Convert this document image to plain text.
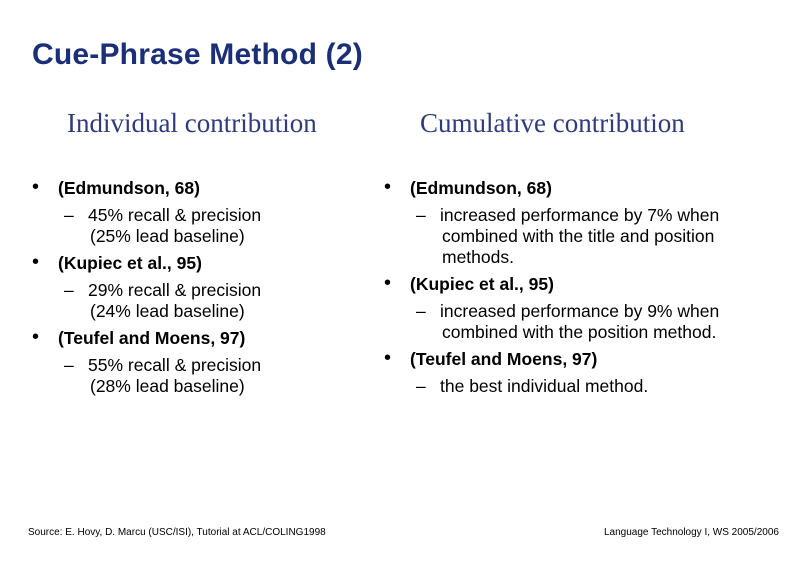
Cue-Phrase Method (2)
Individual contribution	Cumulative contribution
• (Edmundson, 68)
– 45% recall & precision
(25% lead baseline)
• (Kupiec et al., 95)
– 29% recall & precision
(24% lead baseline)
• (Teufel and Moens, 97)
– 55% recall & precision
(28% lead baseline)
• (Edmundson, 68)
– increased performance by 7% when
combined with the title and position
methods.
• (Kupiec et al., 95)
– increased performance by 9% when
combined with the position method.
• (Teufel and Moens, 97)
– the best individual method.
Source: E. Hovy, D. Marcu (USC/ISI), Tutorial at ACL/COLING1998	Language Technology I, WS 2005/2006
